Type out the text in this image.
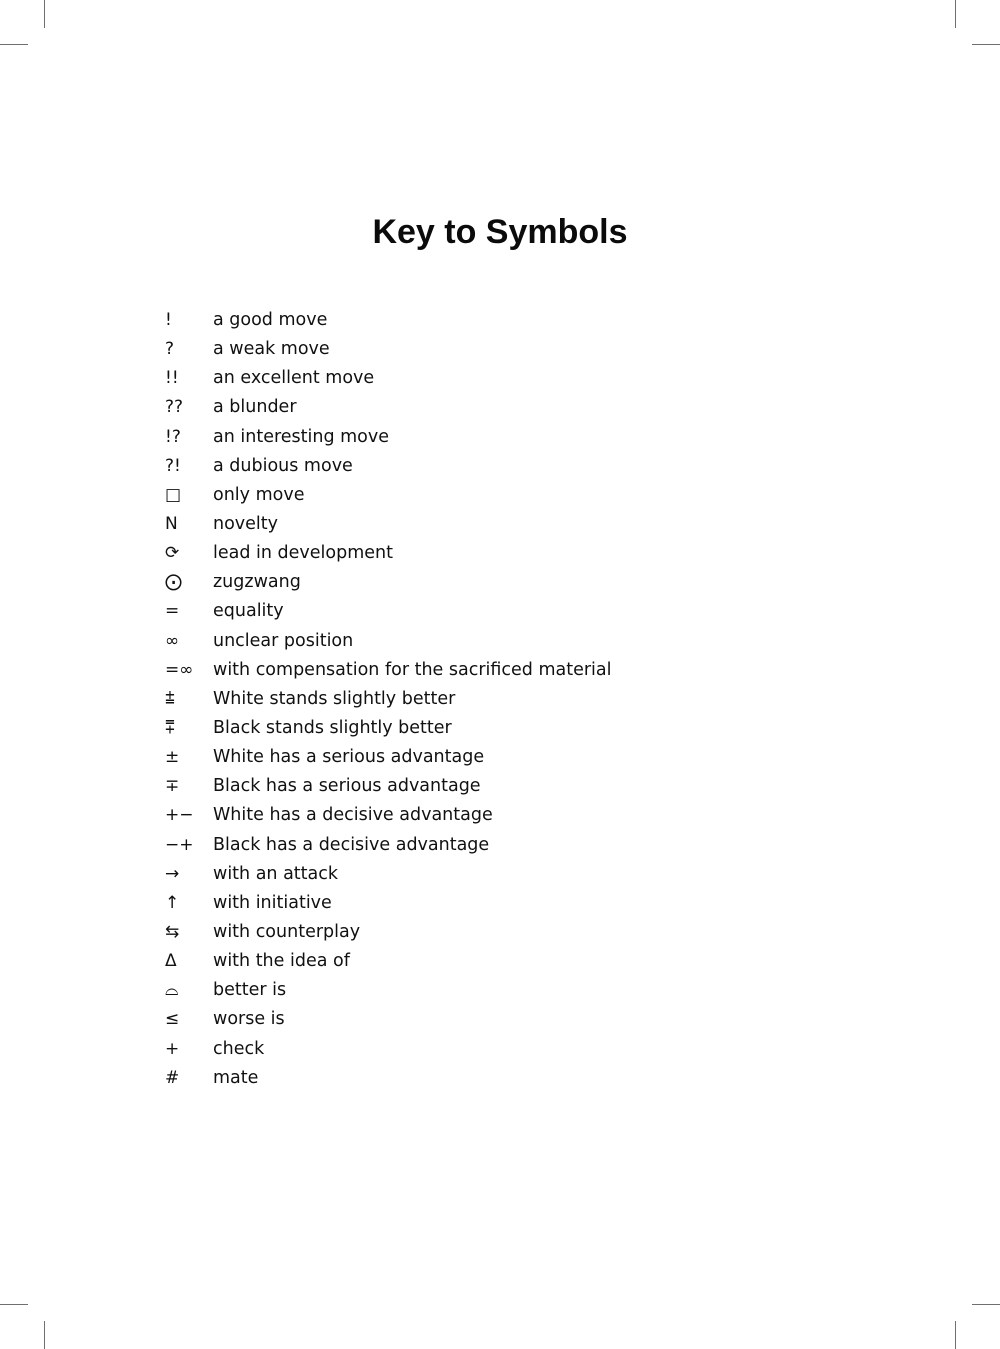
Key to Symbols
!	a good move
?	a weak move
!!	an excellent move
??	a blunder
!?	an interesting move
?!	a dubious move
□	only move
N	novelty
⟳	lead in development
⨀	zugzwang
=	equality
∞	unclear position
=∞	with compensation for the sacrificed material
⩲	White stands slightly better
⩱	Black stands slightly better
±	White has a serious advantage
∓	Black has a serious advantage
+−	White has a decisive advantage
−+	Black has a decisive advantage
→	with an attack
↑	with initiative
⇆	with counterplay
Δ	with the idea of
⌓	better is
≤	worse is
+	check
#	mate
